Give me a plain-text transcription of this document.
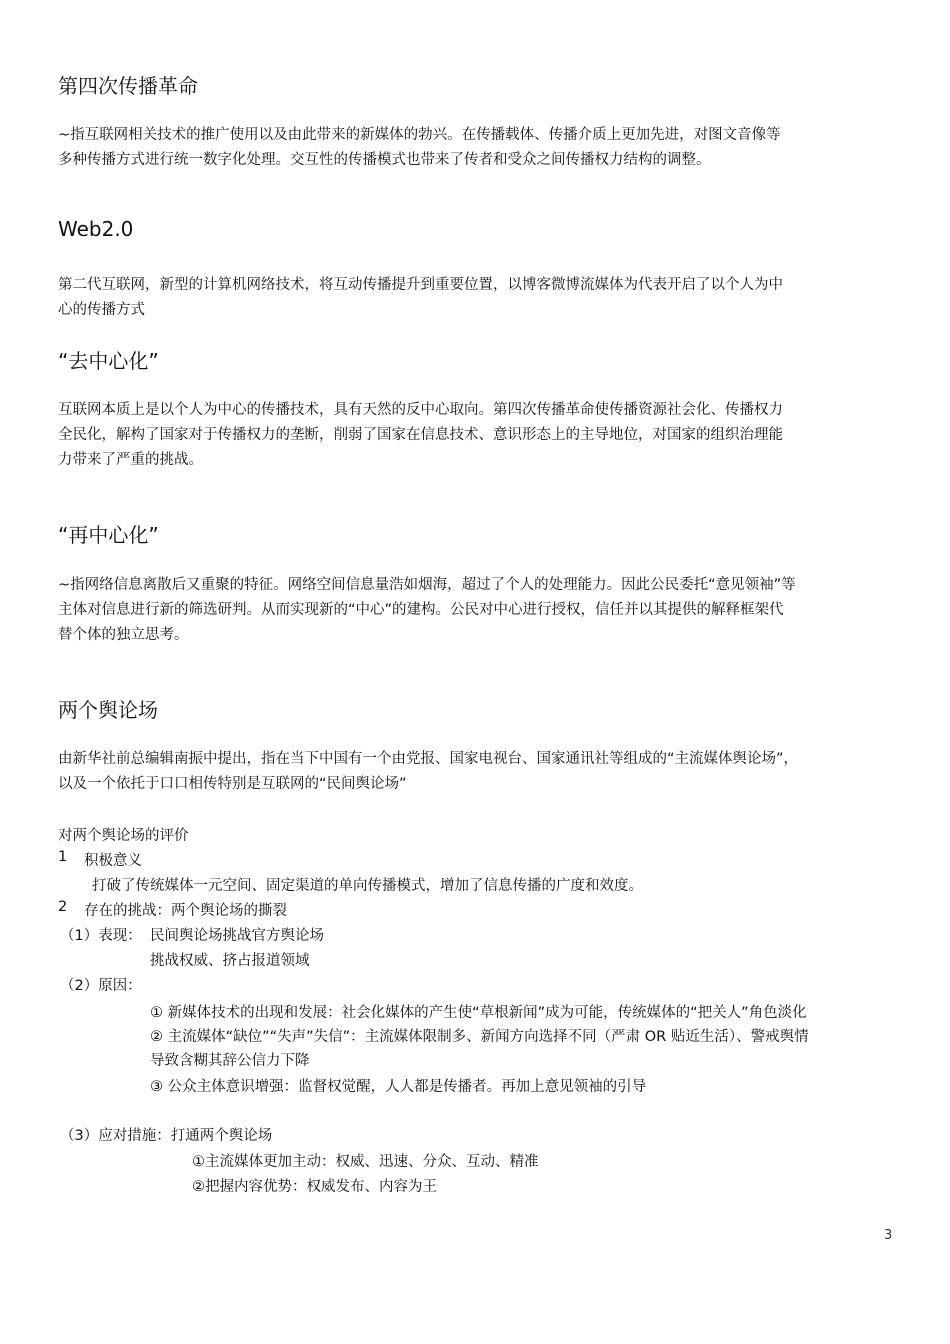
第四次传播革命
~指互联网相关技术的推广使用以及由此带来的新媒体的勃兴。在传播载体、传播介质上更加先进，对图文音像等
多种传播方式进行统一数字化处理。交互性的传播模式也带来了传者和受众之间传播权力结构的调整。
Web2.0
第二代互联网，新型的计算机网络技术，将互动传播提升到重要位置，以博客微博流媒体为代表开启了以个人为中
心的传播方式
“去中心化”
互联网本质上是以个人为中心的传播技术，具有天然的反中心取向。第四次传播革命使传播资源社会化、传播权力
全民化，解构了国家对于传播权力的垄断，削弱了国家在信息技术、意识形态上的主导地位，对国家的组织治理能
力带来了严重的挑战。
“再中心化”
~指网络信息离散后又重聚的特征。网络空间信息量浩如烟海，超过了个人的处理能力。因此公民委托“意见领袖”等
主体对信息进行新的筛选研判。从而实现新的“中心”的建构。公民对中心进行授权，信任并以其提供的解释框架代
替个体的独立思考。
两个舆论场
由新华社前总编辑南振中提出，指在当下中国有一个由党报、国家电视台、国家通讯社等组成的“主流媒体舆论场”，
以及一个依托于口口相传特别是互联网的“民间舆论场”
对两个舆论场的评价
1 积极意义
打破了传统媒体一元空间、固定渠道的单向传播模式，增加了信息传播的广度和效度。
2 存在的挑战：两个舆论场的撕裂
（1）表现： 民间舆论场挑战官方舆论场
挑战权威、挤占报道领域
（2）原因：
① 新媒体技术的出现和发展：社会化媒体的产生使“草根新闻”成为可能，传统媒体的“把关人”角色淡化
② 主流媒体“缺位”“失声”失信”：主流媒体限制多、新闻方向选择不同（严肃 OR 贴近生活）、警戒舆情
导致含糊其辞公信力下降
③ 公众主体意识增强：监督权觉醒，人人都是传播者。再加上意见领袖的引导
（3）应对措施：打通两个舆论场
①主流媒体更加主动：权威、迅速、分众、互动、精准
②把握内容优势：权威发布、内容为王
3
